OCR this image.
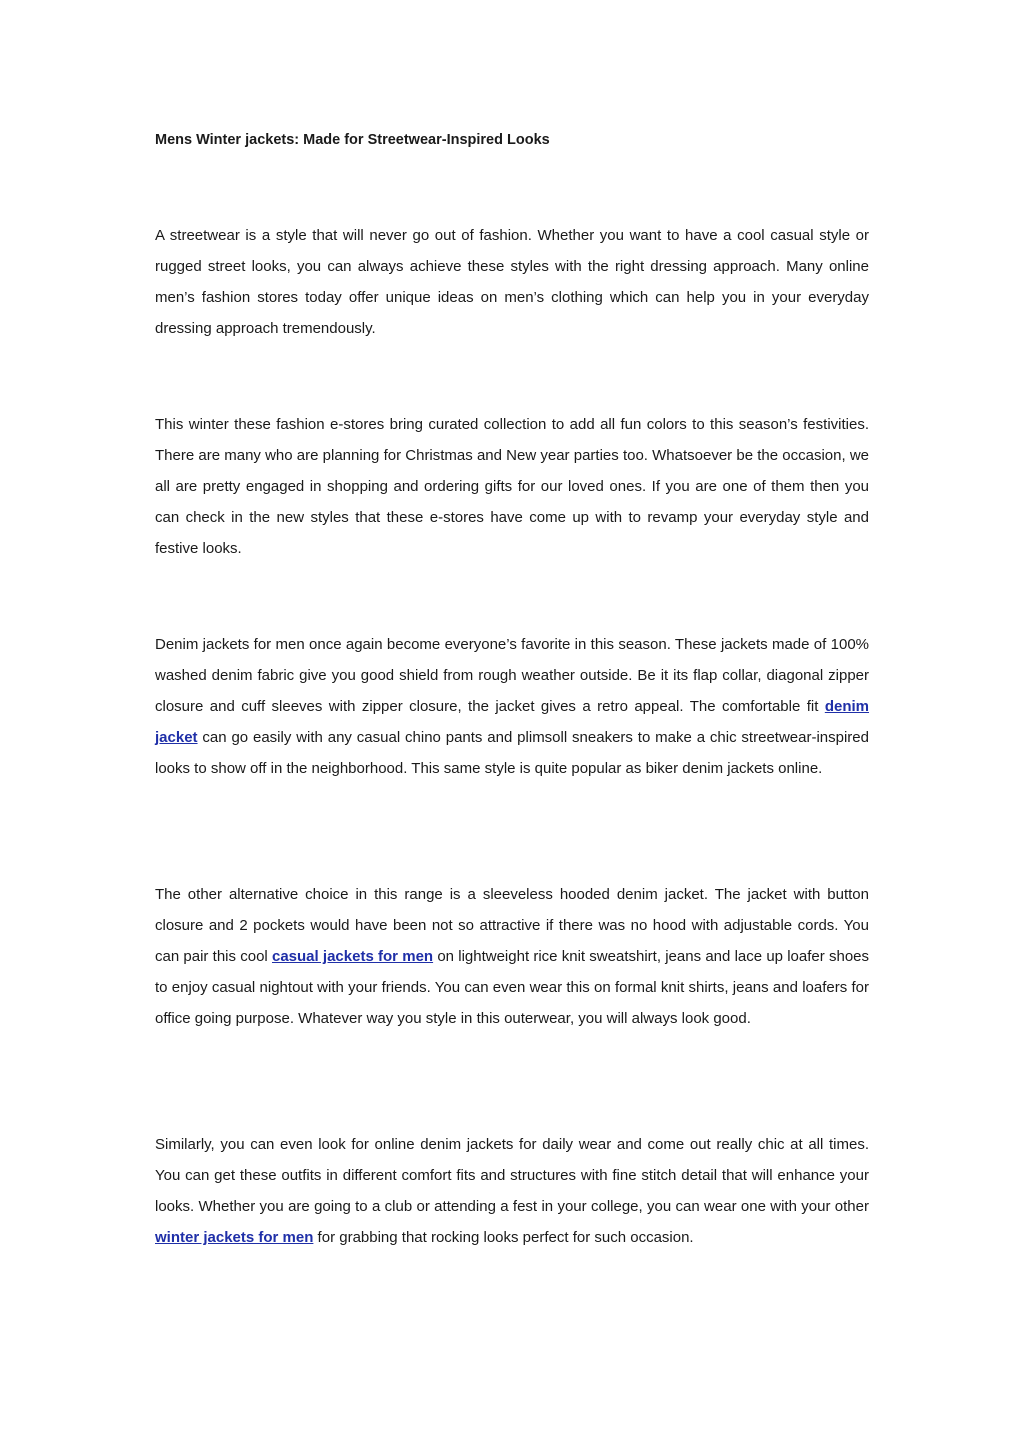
Mens Winter jackets: Made for Streetwear-Inspired Looks

A streetwear is a style that will never go out of fashion. Whether you want to have a cool casual style or rugged street looks, you can always achieve these styles with the right dressing approach. Many online men’s fashion stores today offer unique ideas on men’s clothing which can help you in your everyday dressing approach tremendously.

This winter these fashion e-stores bring curated collection to add all fun colors to this season’s festivities. There are many who are planning for Christmas and New year parties too. Whatsoever be the occasion, we all are pretty engaged in shopping and ordering gifts for our loved ones. If you are one of them then you can check in the new styles that these e-stores have come up with to revamp your everyday style and festive looks.

Denim jackets for men once again become everyone’s favorite in this season. These jackets made of 100% washed denim fabric give you good shield from rough weather outside. Be it its flap collar, diagonal zipper closure and cuff sleeves with zipper closure, the jacket gives a retro appeal. The comfortable fit denim jacket can go easily with any casual chino pants and plimsoll sneakers to make a chic streetwear-inspired looks to show off in the neighborhood. This same style is quite popular as biker denim jackets online.

The other alternative choice in this range is a sleeveless hooded denim jacket. The jacket with button closure and 2 pockets would have been not so attractive if there was no hood with adjustable cords. You can pair this cool casual jackets for men on lightweight rice knit sweatshirt, jeans and lace up loafer shoes to enjoy casual nightout with your friends. You can even wear this on formal knit shirts, jeans and loafers for office going purpose. Whatever way you style in this outerwear, you will always look good.

Similarly, you can even look for online denim jackets for daily wear and come out really chic at all times. You can get these outfits in different comfort fits and structures with fine stitch detail that will enhance your looks. Whether you are going to a club or attending a fest in your college, you can wear one with your other winter jackets for men for grabbing that rocking looks perfect for such occasion.
